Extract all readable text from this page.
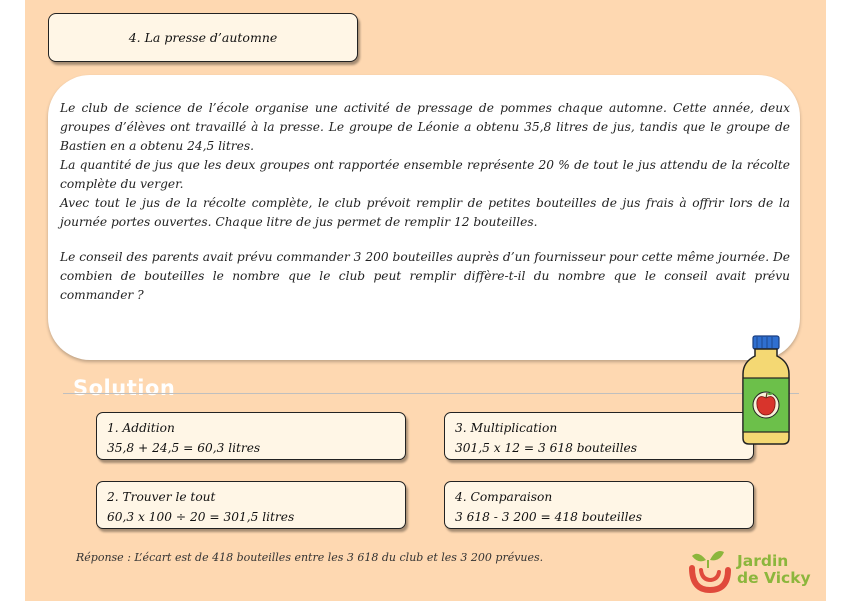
4. La presse d’automne

Le club de science de l’école organise une activité de pressage de pommes chaque automne. Cette année, deux groupes d’élèves ont travaillé à la presse. Le groupe de Léonie a obtenu 35,8 litres de jus, tandis que le groupe de Bastien en a obtenu 24,5 litres.

La quantité de jus que les deux groupes ont rapportée ensemble représente 20 % de tout le jus attendu de la récolte complète du verger.

Avec tout le jus de la récolte complète, le club prévoit remplir de petites bouteilles de jus frais à offrir lors de la journée portes ouvertes. Chaque litre de jus permet de remplir 12 bouteilles.

Le conseil des parents avait prévu commander 3 200 bouteilles auprès d’un fournisseur pour cette même journée. De combien de bouteilles le nombre que le club peut remplir diffère-t-il du nombre que le conseil avait prévu commander ?

Solution
1. Addition
35,8 + 24,5 = 60,3 litres
2. Trouver le tout
60,3 x 100 ÷ 20 = 301,5 litres
3. Multiplication
301,5 x 12 = 3 618 bouteilles
4. Comparaison
3 618 - 3 200 = 418 bouteilles
Réponse : L’écart est de 418 bouteilles entre les 3 618 du club et les 3 200 prévues.	Jardin
de Vicky
